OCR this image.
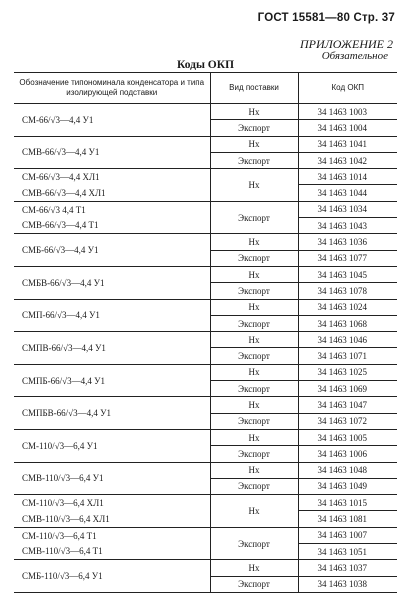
ГОСТ 15581—80 Стр. 37
ПРИЛОЖЕНИЕ 2
Обязательное
Коды ОКП
Обозначение типономинала конденсатора и типа изолирующей подставки	Вид поставки	Код ОКП
СМ-66/√3—4,4 У1	Нх	34 1463 1003
	Экспорт	34 1463 1004
СМВ-66/√3—4,4 У1	Нх	34 1463 1041
	Экспорт	34 1463 1042
СМ-66/√3—4,4 ХЛ1	Нх	34 1463 1014
СМВ-66/√3—4,4 ХЛ1		34 1463 1044
СМ-66/√3 4,4 Т1	Экспорт	34 1463 1034
СМВ-66/√3—4,4 Т1		34 1463 1043
СМБ-66/√3—4,4 У1	Нх	34 1463 1036
	Экспорт	34 1463 1077
СМБВ-66/√3—4,4 У1	Нх	34 1463 1045
	Экспорт	34 1463 1078
СМП-66/√3—4,4 У1	Нх	34 1463 1024
	Экспорт	34 1463 1068
СМПВ-66/√3—4,4 У1	Нх	34 1463 1046
	Экспорт	34 1463 1071
СМПБ-66/√3—4,4 У1	Нх	34 1463 1025
	Экспорт	34 1463 1069
СМПБВ-66/√3—4,4 У1	Нх	34 1463 1047
	Экспорт	34 1463 1072
СМ-110/√3—6,4 У1	Нх	34 1463 1005
	Экспорт	34 1463 1006
СМВ-110/√3—6,4 У1	Нх	34 1463 1048
	Экспорт	34 1463 1049
СМ-110/√3—6,4 ХЛ1	Нх	34 1463 1015
СМВ-110/√3—6,4 ХЛ1		34 1463 1081
СМ-110/√3—6,4 Т1	Экспорт	34 1463 1007
СМВ-110/√3—6,4 Т1		34 1463 1051
СМБ-110/√3—6,4 У1	Нх	34 1463 1037
	Экспорт	34 1463 1038
